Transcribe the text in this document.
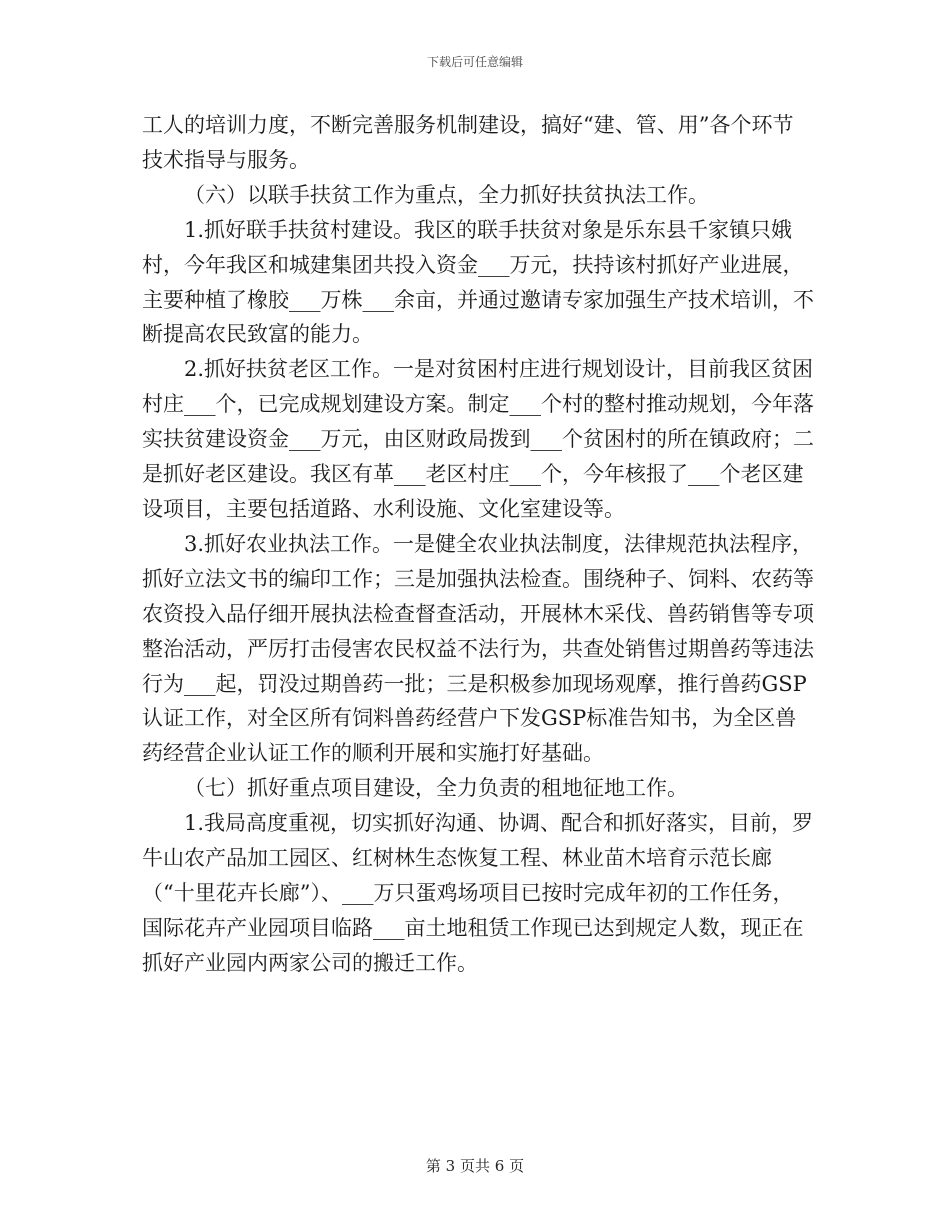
下载后可任意编辑

工人的培训力度，不断完善服务机制建设，搞好“建、管、用”各个环节技术指导与服务。

（六）以联手扶贫工作为重点，全力抓好扶贫执法工作。

1.抓好联手扶贫村建设。我区的联手扶贫对象是乐东县千家镇只娥村，今年我区和城建集团共投入资金___万元，扶持该村抓好产业进展，主要种植了橡胶___万株___余亩，并通过邀请专家加强生产技术培训，不断提高农民致富的能力。

2.抓好扶贫老区工作。一是对贫困村庄进行规划设计，目前我区贫困村庄___个，已完成规划建设方案。制定___个村的整村推动规划，今年落实扶贫建设资金___万元，由区财政局拨到___个贫困村的所在镇政府；二是抓好老区建设。我区有革___老区村庄___个，今年核报了___个老区建设项目，主要包括道路、水利设施、文化室建设等。

3.抓好农业执法工作。一是健全农业执法制度，法律规范执法程序，抓好立法文书的编印工作；三是加强执法检查。围绕种子、饲料、农药等农资投入品仔细开展执法检查督查活动，开展林木采伐、兽药销售等专项整治活动，严厉打击侵害农民权益不法行为，共查处销售过期兽药等违法行为___起，罚没过期兽药一批；三是积极参加现场观摩，推行兽药GSP认证工作，对全区所有饲料兽药经营户下发GSP标准告知书，为全区兽药经营企业认证工作的顺利开展和实施打好基础。

（七）抓好重点项目建设，全力负责的租地征地工作。

1.我局高度重视，切实抓好沟通、协调、配合和抓好落实，目前，罗牛山农产品加工园区、红树林生态恢复工程、林业苗木培育示范长廊（“十里花卉长廊”）、___万只蛋鸡场项目已按时完成年初的工作任务，国际花卉产业园项目临路___亩土地租赁工作现已达到规定人数，现正在抓好产业园内两家公司的搬迁工作。

第 3 页共 6 页
